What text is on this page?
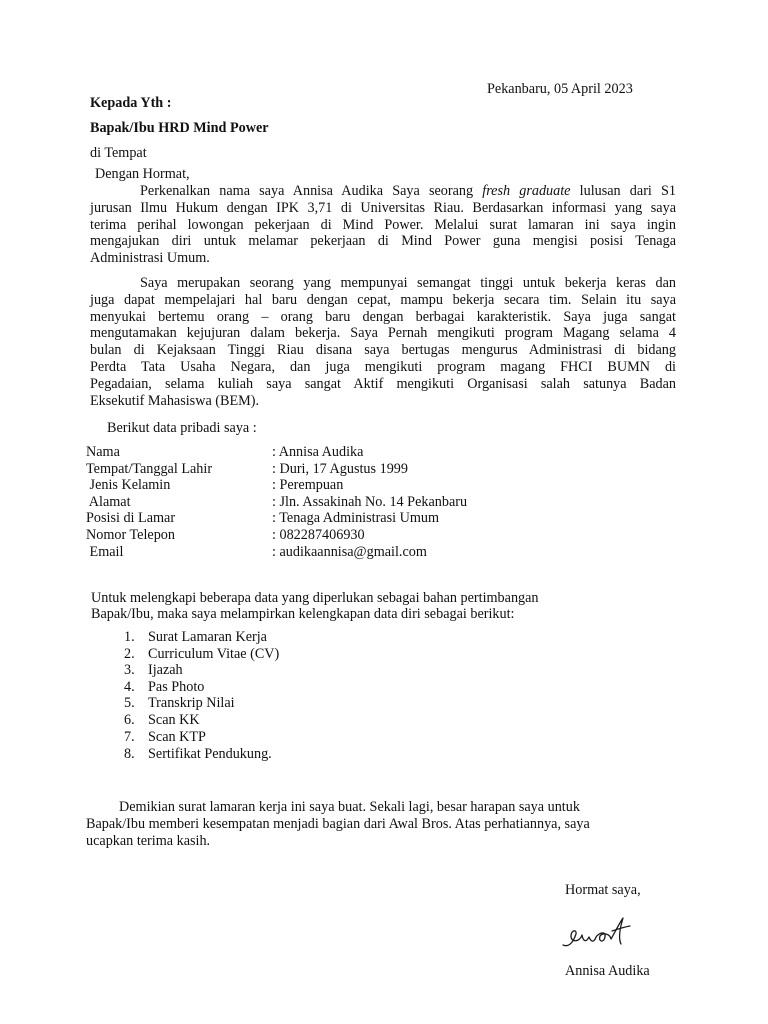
Pekanbaru, 05 April 2023
Kepada Yth :
Bapak/Ibu HRD Mind Power
di Tempat
Dengan Hormat,
Perkenalkan nama saya Annisa Audika Saya seorang fresh graduate lulusan dari S1
jurusan Ilmu Hukum dengan IPK 3,71 di Universitas Riau. Berdasarkan informasi yang saya
terima perihal lowongan pekerjaan di Mind Power. Melalui surat lamaran ini saya ingin
mengajukan diri untuk melamar pekerjaan di Mind Power guna mengisi posisi Tenaga
Administrasi Umum.
Saya merupakan seorang yang mempunyai semangat tinggi untuk bekerja keras dan
juga dapat mempelajari hal baru dengan cepat, mampu bekerja secara tim. Selain itu saya
menyukai bertemu orang – orang baru dengan berbagai karakteristik. Saya juga sangat
mengutamakan kejujuran dalam bekerja. Saya Pernah mengikuti program Magang selama 4
bulan di Kejaksaan Tinggi Riau disana saya bertugas mengurus Administrasi di bidang
Perdta Tata Usaha Negara, dan juga mengikuti program magang FHCI BUMN di
Pegadaian, selama kuliah saya sangat Aktif mengikuti Organisasi salah satunya Badan
Eksekutif Mahasiswa (BEM).
Berikut data pribadi saya :
Nama	: Annisa Audika
Tempat/Tanggal Lahir	: Duri, 17 Agustus 1999
Jenis Kelamin	: Perempuan
Alamat	: Jln. Assakinah No. 14 Pekanbaru
Posisi di Lamar	: Tenaga Administrasi Umum
Nomor Telepon	: 082287406930
Email	: audikaannisa@gmail.com
Untuk melengkapi beberapa data yang diperlukan sebagai bahan pertimbangan
Bapak/Ibu, maka saya melampirkan kelengkapan data diri sebagai berikut:
1. Surat Lamaran Kerja
2. Curriculum Vitae (CV)
3. Ijazah
4. Pas Photo
5. Transkrip Nilai
6. Scan KK
7. Scan KTP
8. Sertifikat Pendukung.
Demikian surat lamaran kerja ini saya buat. Sekali lagi, besar harapan saya untuk
Bapak/Ibu memberi kesempatan menjadi bagian dari Awal Bros. Atas perhatiannya, saya
ucapkan terima kasih.
Hormat saya,
Annisa Audika
